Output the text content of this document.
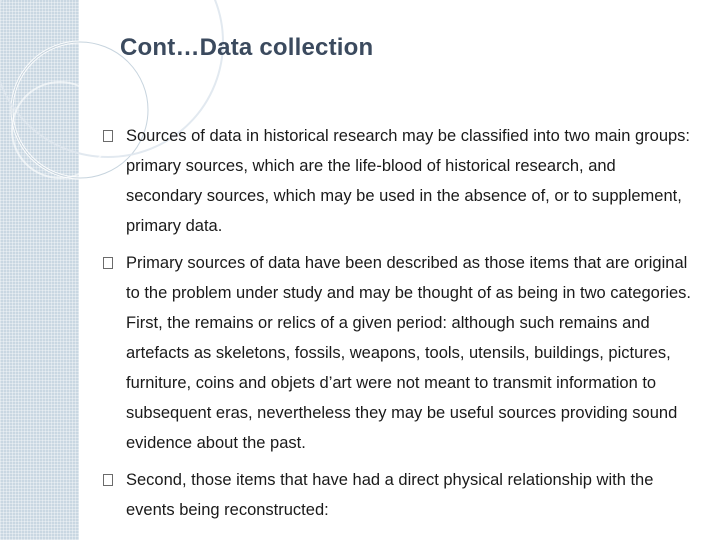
Cont…Data collection

Sources of data in historical research may be classified into two main groups: primary sources, which are the life-blood of historical research, and secondary sources, which may be used in the absence of, or to supplement, primary data.

Primary sources of data have been described as those items that are original to the problem under study and may be thought of as being in two categories. First, the remains or relics of a given period: although such remains and artefacts as skeletons, fossils, weapons, tools, utensils, buildings, pictures, furniture, coins and objets d’art were not meant to transmit information to subsequent eras, nevertheless they may be useful sources providing sound evidence about the past.

Second, those items that have had a direct physical relationship with the events being reconstructed:
